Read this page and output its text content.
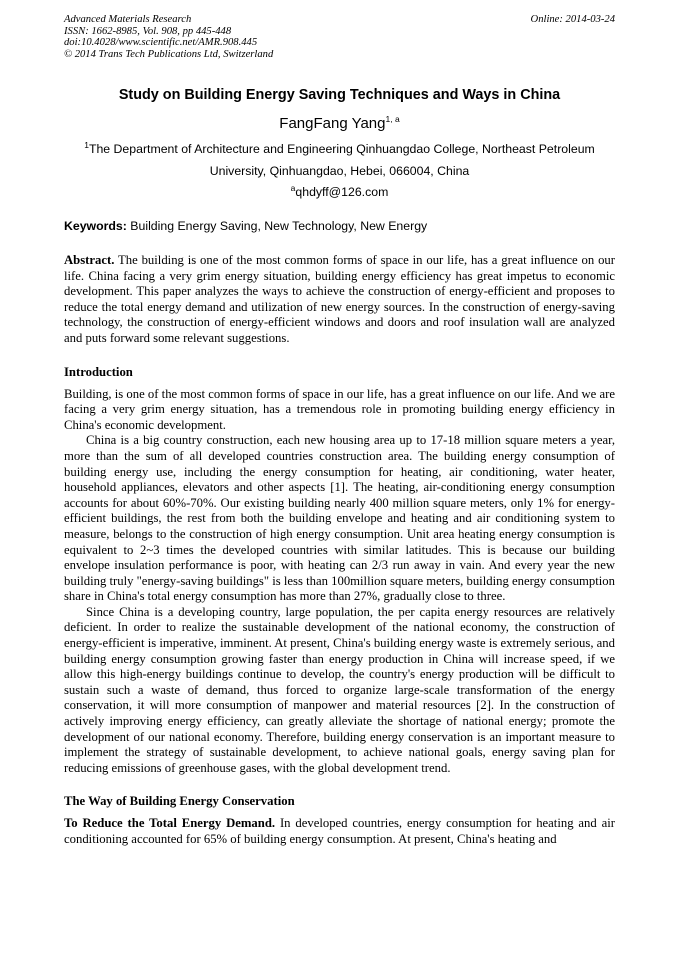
Advanced Materials Research
ISSN: 1662-8985, Vol. 908, pp 445-448
doi:10.4028/www.scientific.net/AMR.908.445
© 2014 Trans Tech Publications Ltd, Switzerland
Online: 2014-03-24
Study on Building Energy Saving Techniques and Ways in China
FangFang Yang$^{1, a}$
$^1$The Department of Architecture and Engineering Qinhuangdao College, Northeast Petroleum
University, Qinhuangdao, Hebei, 066004, China
$^a$qhdyff@126.com
Keywords: Building Energy Saving, New Technology, New Energy

Abstract. The building is one of the most common forms of space in our life, has a great influence on our life. China facing a very grim energy situation, building energy efficiency has great impetus to economic development. This paper analyzes the ways to achieve the construction of energy-efficient and proposes to reduce the total energy demand and utilization of new energy sources. In the construction of energy-saving technology, the construction of energy-efficient windows and doors and roof insulation wall are analyzed and puts forward some relevant suggestions.

Introduction

Building, is one of the most common forms of space in our life, has a great influence on our life. And we are facing a very grim energy situation, has a tremendous role in promoting building energy efficiency in China's economic development.

China is a big country construction, each new housing area up to 17-18 million square meters a year, more than the sum of all developed countries construction area. The building energy consumption of building energy use, including the energy consumption for heating, air conditioning, water heater, household appliances, elevators and other aspects [1]. The heating, air-conditioning energy consumption accounts for about 60%-70%. Our existing building nearly 400 million square meters, only 1% for energy-efficient buildings, the rest from both the building envelope and heating and air conditioning system to measure, belongs to the construction of high energy consumption. Unit area heating energy consumption is equivalent to 2~3 times the developed countries with similar latitudes. This is because our building envelope insulation performance is poor, with heating can 2/3 run away in vain. And every year the new building truly "energy-saving buildings" is less than 100million square meters, building energy consumption share in China's total energy consumption has more than 27%, gradually close to three.

Since China is a developing country, large population, the per capita energy resources are relatively deficient. In order to realize the sustainable development of the national economy, the construction of energy-efficient is imperative, imminent. At present, China's building energy waste is extremely serious, and building energy consumption growing faster than energy production in China will increase speed, if we allow this high-energy buildings continue to develop, the country's energy production will be difficult to sustain such a waste of demand, thus forced to organize large-scale transformation of the energy conservation, it will more consumption of manpower and material resources [2]. In the construction of actively improving energy efficiency, can greatly alleviate the shortage of national energy; promote the development of our national economy. Therefore, building energy conservation is an important measure to implement the strategy of sustainable development, to achieve national goals, energy saving plan for reducing emissions of greenhouse gases, with the global development trend.

The Way of Building Energy Conservation

To Reduce the Total Energy Demand. In developed countries, energy consumption for heating and air conditioning accounted for 65% of building energy consumption. At present, China's heating and
